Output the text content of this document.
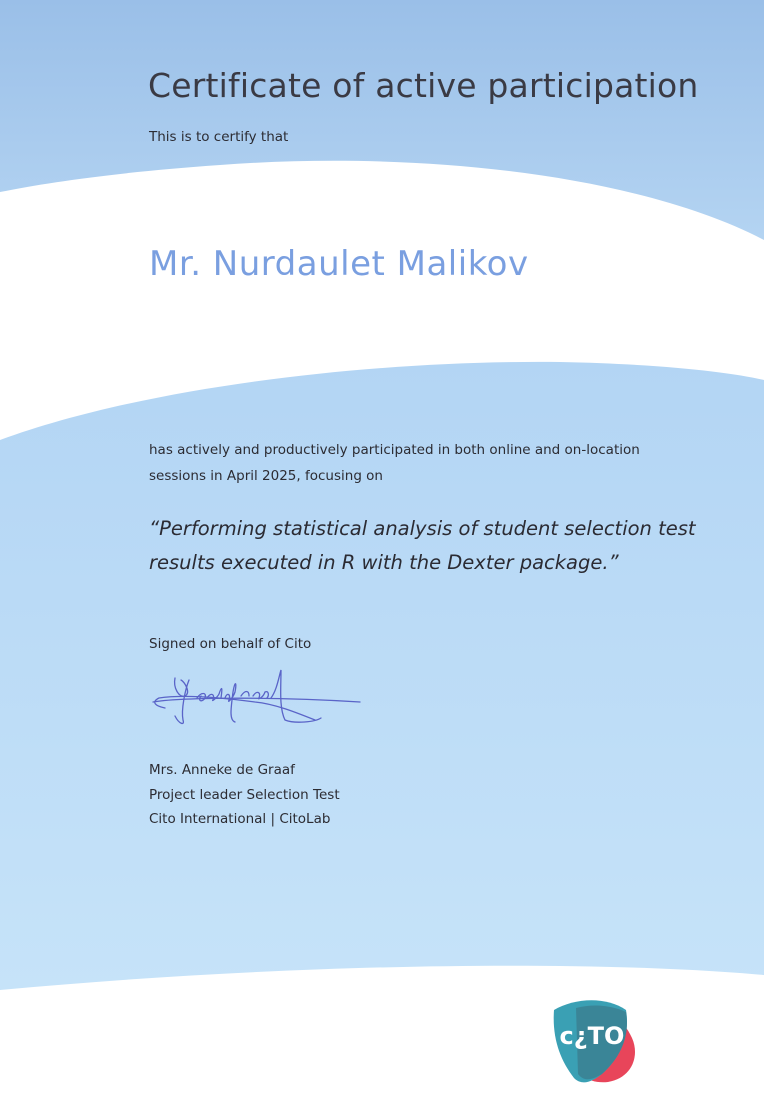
Certificate of active participation

This is to certify that

Mr. Nurdaulet Malikov

has actively and productively participated in both online and on-location
sessions in April 2025, focusing on
“Performing statistical analysis of student selection test
results executed in R with the Dexter package.”

Signed on behalf of Cito

Mrs. Anneke de Graaf
Project leader Selection Test
Cito International | CitoLab
c¿TO
